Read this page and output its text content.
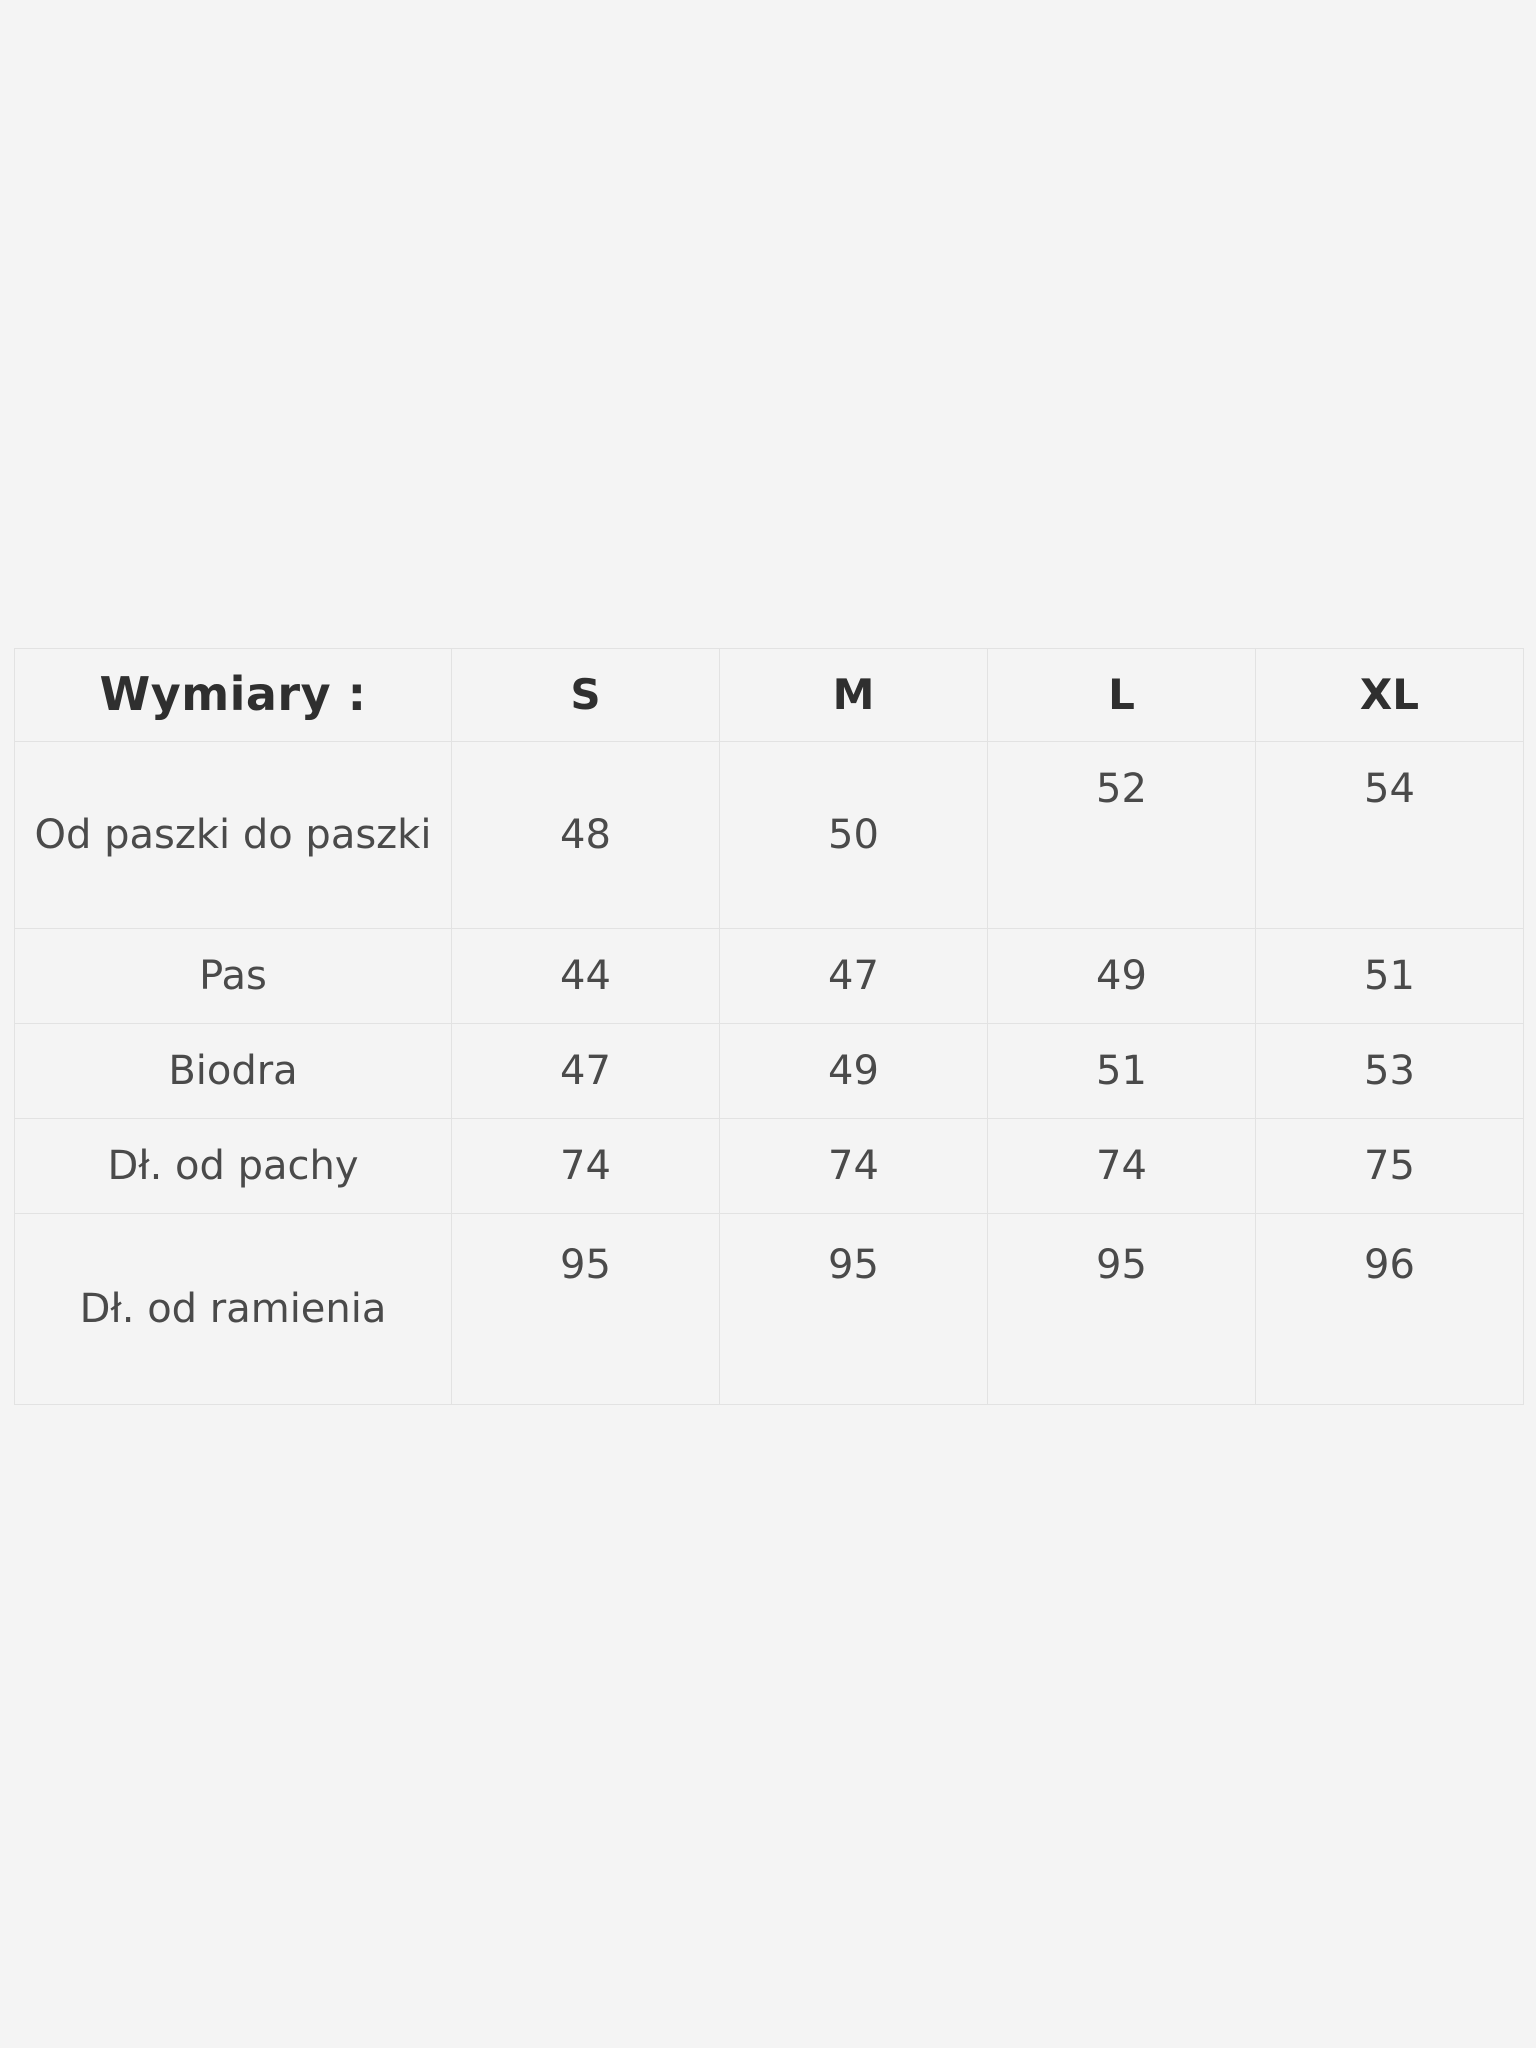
Wymiary :	S	M	L	XL
Od paszki do paszki	48	50	52	54
Pas	44	47	49	51
Biodra	47	49	51	53
Dł. od pachy	74	74	74	75
Dł. od ramienia	95	95	95	96
